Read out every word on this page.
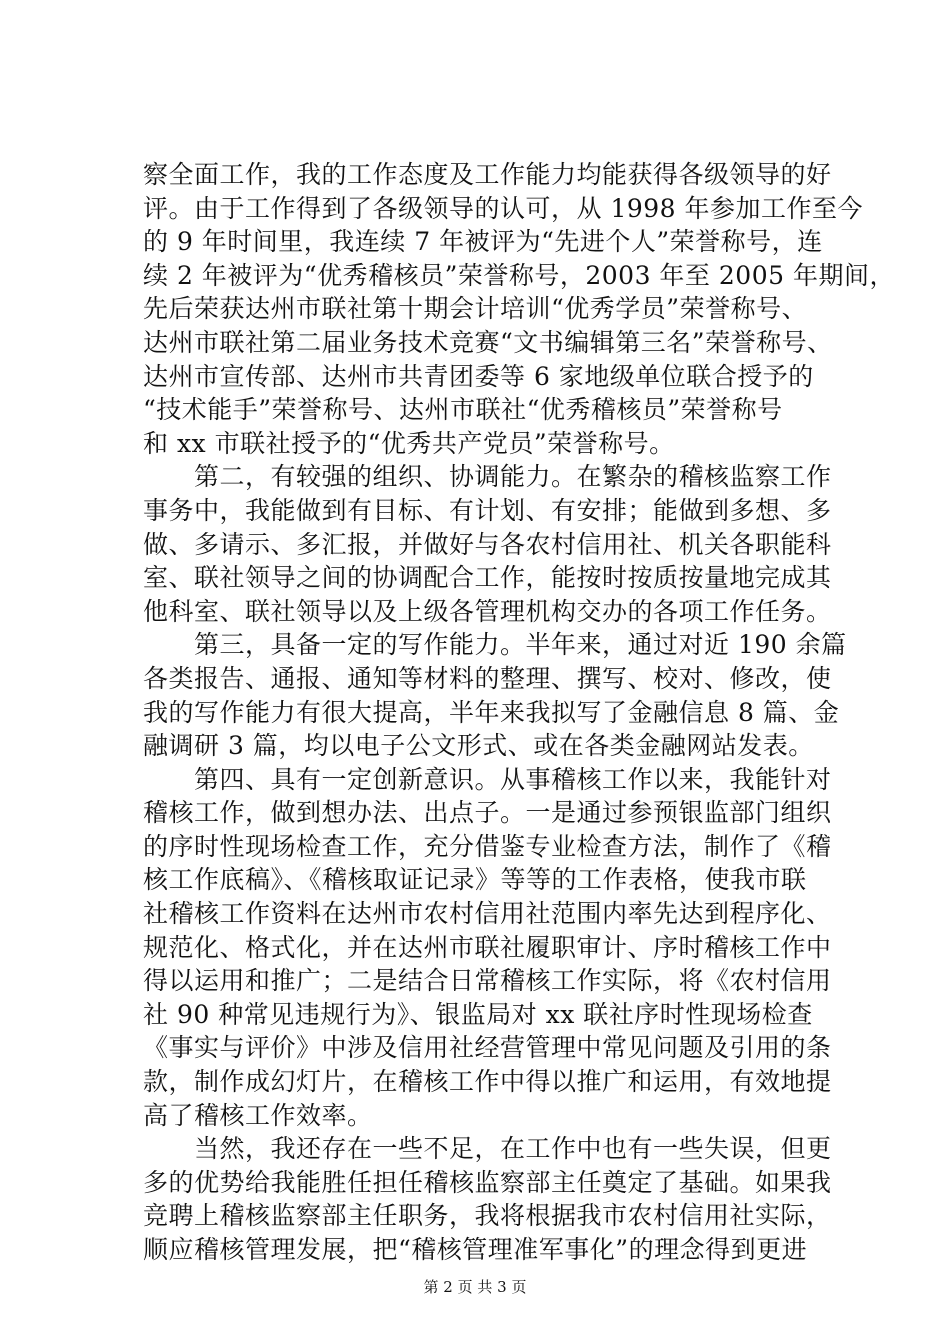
察全面工作，我的工作态度及工作能力均能获得各级领导的好
评。由于工作得到了各级领导的认可，从 1998 年参加工作至今
的 9 年时间里，我连续 7 年被评为“先进个人”荣誉称号，连
续 2 年被评为“优秀稽核员”荣誉称号，2003 年至 2005 年期间，
先后荣获达州市联社第十期会计培训“优秀学员”荣誉称号、
达州市联社第二届业务技术竞赛“文书编辑第三名”荣誉称号、
达州市宣传部、达州市共青团委等 6 家地级单位联合授予的
“技术能手”荣誉称号、达州市联社“优秀稽核员”荣誉称号
和 xx 市联社授予的“优秀共产党员”荣誉称号。
　　第二，有较强的组织、协调能力。在繁杂的稽核监察工作
事务中，我能做到有目标、有计划、有安排；能做到多想、多
做、多请示、多汇报，并做好与各农村信用社、机关各职能科
室、联社领导之间的协调配合工作，能按时按质按量地完成其
他科室、联社领导以及上级各管理机构交办的各项工作任务。
　　第三，具备一定的写作能力。半年来，通过对近 190 余篇
各类报告、通报、通知等材料的整理、撰写、校对、修改，使
我的写作能力有很大提高，半年来我拟写了金融信息 8 篇、金
融调研 3 篇，均以电子公文形式、或在各类金融网站发表。
　　第四、具有一定创新意识。从事稽核工作以来，我能针对
稽核工作，做到想办法、出点子。一是通过参预银监部门组织
的序时性现场检查工作，充分借鉴专业检查方法，制作了《稽
核工作底稿》、《稽核取证记录》等等的工作表格，使我市联
社稽核工作资料在达州市农村信用社范围内率先达到程序化、
规范化、格式化，并在达州市联社履职审计、序时稽核工作中
得以运用和推广；二是结合日常稽核工作实际，将《农村信用
社 90 种常见违规行为》、银监局对 xx 联社序时性现场检查
《事实与评价》中涉及信用社经营管理中常见问题及引用的条
款，制作成幻灯片，在稽核工作中得以推广和运用，有效地提
高了稽核工作效率。
　　当然，我还存在一些不足，在工作中也有一些失误，但更
多的优势给我能胜任担任稽核监察部主任奠定了基础。如果我
竞聘上稽核监察部主任职务，我将根据我市农村信用社实际，
顺应稽核管理发展，把“稽核管理准军事化”的理念得到更进
第 2 页 共 3 页
